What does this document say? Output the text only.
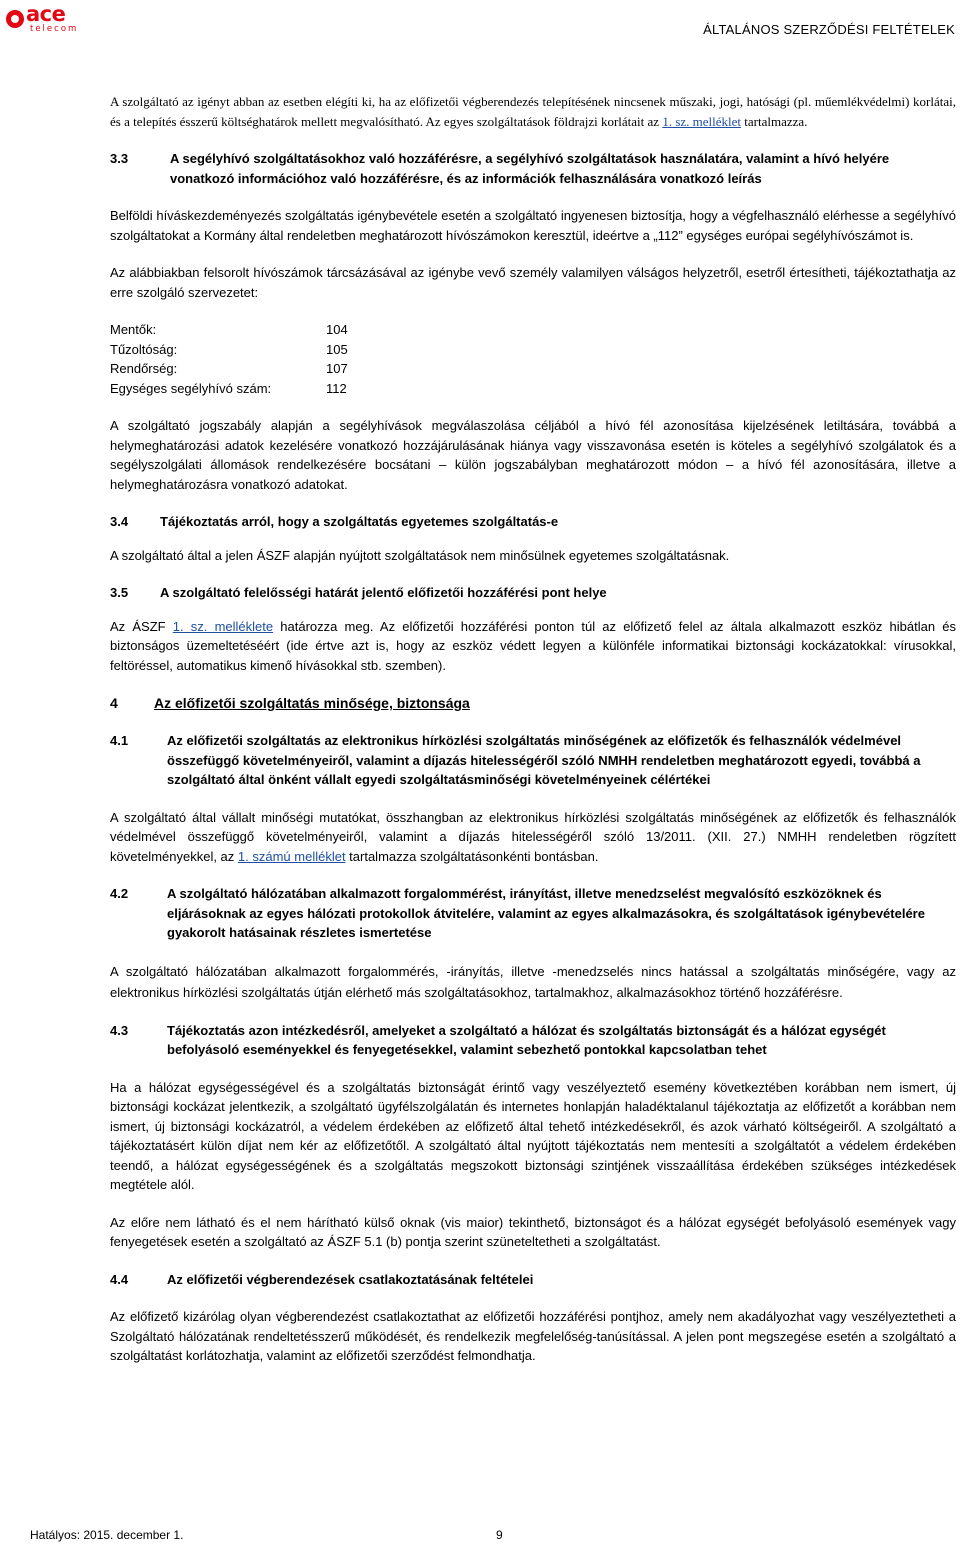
ace
telecom	ÁLTALÁNOS SZERZŐDÉSI FELTÉTELEK

A szolgáltató az igényt abban az esetben elégíti ki, ha az előfizetői végberendezés telepítésének nincsenek műszaki, jogi, hatósági (pl. műemlékvédelmi) korlátai, és a telepítés ésszerű költséghatárok mellett megvalósítható. Az egyes szolgáltatások földrajzi korlátait az 1. sz. melléklet tartalmazza.

3.3	A segélyhívó szolgáltatásokhoz való hozzáférésre, a segélyhívó szolgáltatások használatára, valamint a hívó helyére vonatkozó információhoz való hozzáférésre, és az információk felhasználására vonatkozó leírás

Belföldi híváskezdeményezés szolgáltatás igénybevétele esetén a szolgáltató ingyenesen biztosítja, hogy a végfelhasználó elérhesse a segélyhívó szolgáltatokat a Kormány által rendeletben meghatározott hívószámokon keresztül, ideértve a „112” egységes európai segélyhívószámot is.

Az alábbiakban felsorolt hívószámok tárcsázásával az igénybe vevő személy valamilyen válságos helyzetről, esetről értesítheti, tájékoztathatja az erre szolgáló szervezetet:

Mentők:	104
Tűzoltóság:	105
Rendőrség:	107
Egységes segélyhívó szám:	112

A szolgáltató jogszabály alapján a segélyhívások megválaszolása céljából a hívó fél azonosítása kijelzésének letiltására, továbbá a helymeghatározási adatok kezelésére vonatkozó hozzájárulásának hiánya vagy visszavonása esetén is köteles a segélyhívó szolgálatok és a segélyszolgálati állomások rendelkezésére bocsátani – külön jogszabályban meghatározott módon – a hívó fél azonosítására, illetve a helymeghatározásra vonatkozó adatokat.

3.4	Tájékoztatás arról, hogy a szolgáltatás egyetemes szolgáltatás-e

A szolgáltató által a jelen ÁSZF alapján nyújtott szolgáltatások nem minősülnek egyetemes szolgáltatásnak.

3.5	A szolgáltató felelősségi határát jelentő előfizetői hozzáférési pont helye

Az ÁSZF 1. sz. melléklete határozza meg. Az előfizetői hozzáférési ponton túl az előfizető felel az általa alkalmazott eszköz hibátlan és biztonságos üzemeltetéséért (ide értve azt is, hogy az eszköz védett legyen a különféle informatikai biztonsági kockázatokkal: vírusokkal, feltöréssel, automatikus kimenő hívásokkal stb. szemben).

4	Az előfizetői szolgáltatás minősége, biztonsága
4.1	Az előfizetői szolgáltatás az elektronikus hírközlési szolgáltatás minőségének az előfizetők és felhasználók védelmével összefüggő követelményeiről, valamint a díjazás hitelességéről szóló NMHH rendeletben meghatározott egyedi, továbbá a szolgáltató által önként vállalt egyedi szolgáltatásminőségi követelményeinek célértékei

A szolgáltató által vállalt minőségi mutatókat, összhangban az elektronikus hírközlési szolgáltatás minőségének az előfizetők és felhasználók védelmével összefüggő követelményeiről, valamint a díjazás hitelességéről szóló 13/2011. (XII. 27.) NMHH rendeletben rögzített követelményekkel, az 1. számú melléklet tartalmazza szolgáltatásonkénti bontásban.

4.2	A szolgáltató hálózatában alkalmazott forgalommérést, irányítást, illetve menedzselést megvalósító eszközöknek és eljárásoknak az egyes hálózati protokollok átvitelére, valamint az egyes alkalmazásokra, és szolgáltatások igénybevételére gyakorolt hatásainak részletes ismertetése

A szolgáltató hálózatában alkalmazott forgalommérés, -irányítás, illetve -menedzselés nincs hatással a szolgáltatás minőségére, vagy az elektronikus hírközlési szolgáltatás útján elérhető más szolgáltatásokhoz, tartalmakhoz, alkalmazásokhoz történő hozzáférésre.

4.3	Tájékoztatás azon intézkedésről, amelyeket a szolgáltató a hálózat és szolgáltatás biztonságát és a hálózat egységét befolyásoló eseményekkel és fenyegetésekkel, valamint sebezhető pontokkal kapcsolatban tehet

Ha a hálózat egységességével és a szolgáltatás biztonságát érintő vagy veszélyeztető esemény következtében korábban nem ismert, új biztonsági kockázat jelentkezik, a szolgáltató ügyfélszolgálatán és internetes honlapján haladéktalanul tájékoztatja az előfizetőt a korábban nem ismert, új biztonsági kockázatról, a védelem érdekében az előfizető által tehető intézkedésekről, és azok várható költségeiről. A szolgáltató a tájékoztatásért külön díjat nem kér az előfizetőtől. A szolgáltató által nyújtott tájékoztatás nem mentesíti a szolgáltatót a védelem érdekében teendő, a hálózat egységességének és a szolgáltatás megszokott biztonsági szintjének visszaállítása érdekében szükséges intézkedések megtétele alól.

Az előre nem látható és el nem hárítható külső oknak (vis maior) tekinthető, biztonságot és a hálózat egységét befolyásoló események vagy fenyegetések esetén a szolgáltató az ÁSZF 5.1 (b) pontja szerint szüneteltetheti a szolgáltatást.

4.4	Az előfizetői végberendezések csatlakoztatásának feltételei

Az előfizető kizárólag olyan végberendezést csatlakoztathat az előfizetői hozzáférési pontjhoz, amely nem akadályozhat vagy veszélyeztetheti a Szolgáltató hálózatának rendeltetésszerű működését, és rendelkezik megfelelőség-tanúsítással. A jelen pont megszegése esetén a szolgáltató a szolgáltatást korlátozhatja, valamint az előfizetői szerződést felmondhatja.

Hatályos: 2015. december 1.	9
